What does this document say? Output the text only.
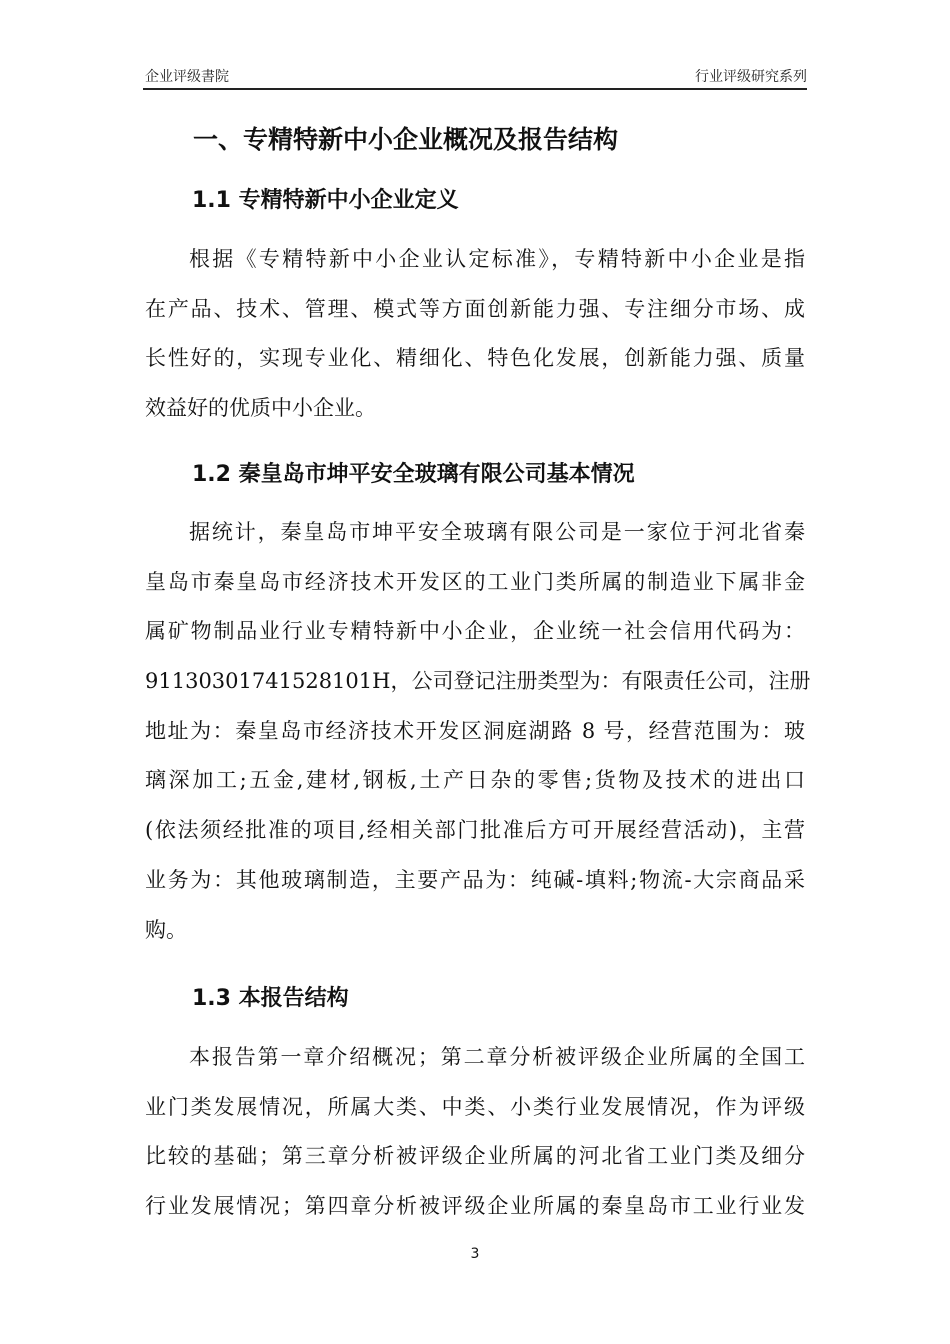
企业评级書院	行业评级研究系列
一、专精特新中小企业概况及报告结构
1.1 专精特新中小企业定义
根据《专精特新中小企业认定标准》，专精特新中小企业是指
在产品、技术、管理、模式等方面创新能力强、专注细分市场、成
长性好的，实现专业化、精细化、特色化发展，创新能力强、质量
效益好的优质中小企业。
1.2 秦皇岛市坤平安全玻璃有限公司基本情况
据统计，秦皇岛市坤平安全玻璃有限公司是一家位于河北省秦
皇岛市秦皇岛市经济技术开发区的工业门类所属的制造业下属非金
属矿物制品业行业专精特新中小企业，企业统一社会信用代码为：
91130301741528101H，公司登记注册类型为：有限责任公司，注册
地址为：秦皇岛市经济技术开发区洞庭湖路 8 号，经营范围为：玻
璃深加工;五金,建材,钢板,土产日杂的零售;货物及技术的进出口
(依法须经批准的项目,经相关部门批准后方可开展经营活动)，主营
业务为：其他玻璃制造，主要产品为：纯碱-填料;物流-大宗商品采
购。
1.3 本报告结构
本报告第一章介绍概况；第二章分析被评级企业所属的全国工
业门类发展情况，所属大类、中类、小类行业发展情况，作为评级
比较的基础；第三章分析被评级企业所属的河北省工业门类及细分
行业发展情况；第四章分析被评级企业所属的秦皇岛市工业行业发
3
